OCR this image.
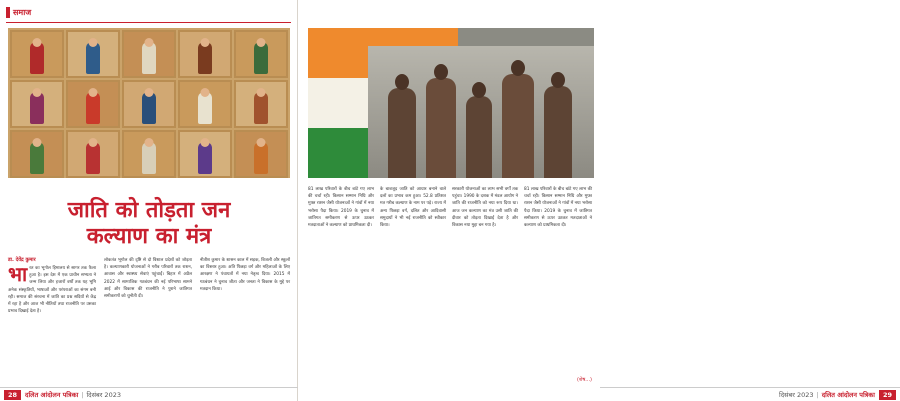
समाज
जाति को तोड़ता जन
कल्याण का मंत्र
डा. देवेंद्र कुमार
भारत का भूगोल हिमालय से सागर तक फैला हुआ है। इस देश में एक प्राचीन सभ्यता ने जन्म लिया और हजारों वर्षों तक यह भूमि अनेक संस्कृतियों, भाषाओं और परंपराओं का संगम बनी रही। समाज की संरचना में जाति का प्रश्न सदियों से केंद्र में रहा है और आज भी नीतियों तथा राजनीति पर उसका प्रभाव दिखाई देता है।
लोकतंत्र भूगोल की दृष्टि से दो विशाल प्रदेशों को जोड़ता है। कल्याणकारी योजनाओं ने गरीब परिवारों तक राशन, आवास और स्वास्थ्य सेवाएं पहुंचाईं। बिहार में अप्रैल 2022 में सामाजिक गठबंधन की नई परिभाषा सामने आई और विकास की राजनीति ने पुराने जातिगत समीकरणों को चुनौती दी।
नीतीश कुमार के शासन काल में सड़क, बिजली और स्कूलों का विस्तार हुआ। अति पिछड़ा वर्ग और महिलाओं के लिए आरक्षण ने पंचायतों में नया नेतृत्व दिया। 2015 में गठबंधन ने चुनाव जीता और जनता ने विकास के मुद्दे पर मतदान किया।
28	दलित आंदोलन पत्रिका | दिसंबर 2023
81 लाख परिवारों के बीच बांटे गए लाभ की चर्चा रही। किसान सम्मान निधि और मुफ्त राशन जैसी योजनाओं ने गांवों में नया भरोसा पैदा किया। 2019 के चुनाव में जातिगत समीकरण से ऊपर उठकर मतदाताओं ने कल्याण को प्राथमिकता दी।
के बाबजूद जाति को आधार बनाने वाले दलों का प्रभाव कम हुआ। 52.8 प्रतिशत मत गरीब कल्याण के नाम पर पड़े। राज्य में अन्य पिछड़ा वर्ग, दलित और आदिवासी समुदायों ने भी नई राजनीति को स्वीकार किया।
सरकारी योजनाओं का लाभ सभी वर्गों तक पहुंचा। 1990 के दशक में मंडल आयोग ने जाति की राजनीति को नया रूप दिया था। आज जन कल्याण का मंत्र उसी जाति की दीवार को तोड़ता दिखाई देता है और विकास नया मुद्दा बन गया है।
81 लाख परिवारों के बीच बांटे गए लाभ की चर्चा रही। किसान सम्मान निधि और मुफ्त राशन जैसी योजनाओं ने गांवों में नया भरोसा पैदा किया। 2019 के चुनाव में जातिगत समीकरण से ऊपर उठकर मतदाताओं ने कल्याण को प्राथमिकता दी।
(शेष...)
दिसंबर 2023 | दलित आंदोलन पत्रिका	29
